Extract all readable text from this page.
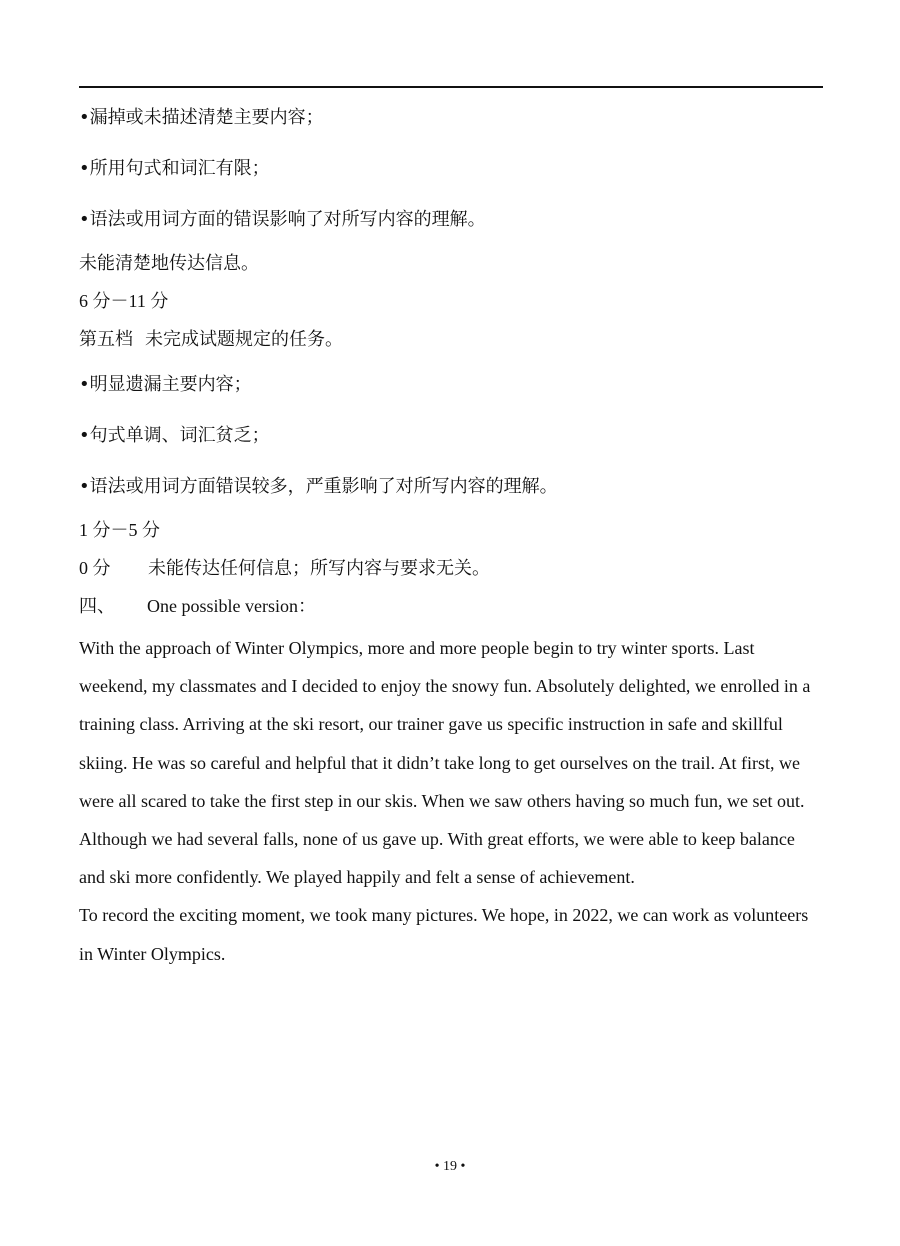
•漏掉或未描述清楚主要内容；
•所用句式和词汇有限；
•语法或用词方面的错误影响了对所写内容的理解。
未能清楚地传达信息。
6 分－11 分
第五档 未完成试题规定的任务。
•明显遗漏主要内容；
•句式单调、词汇贫乏；
•语法或用词方面错误较多，严重影响了对所写内容的理解。
1 分－5 分
0 分 未能传达任何信息；所写内容与要求无关。
四、 One possible version：

With the approach of Winter Olympics, more and more people begin to try winter sports. Last weekend, my classmates and I decided to enjoy the snowy fun. Absolutely delighted, we enrolled in a training class. Arriving at the ski resort, our trainer gave us specific instruction in safe and skillful skiing. He was so careful and helpful that it didn’t take long to get ourselves on the trail. At first, we were all scared to take the first step in our skis. When we saw others having so much fun, we set out. Although we had several falls, none of us gave up. With great efforts, we were able to keep balance and ski more confidently. We played happily and felt a sense of achievement.

To record the exciting moment, we took many pictures. We hope, in 2022, we can work as volunteers in Winter Olympics.

• 19 •
